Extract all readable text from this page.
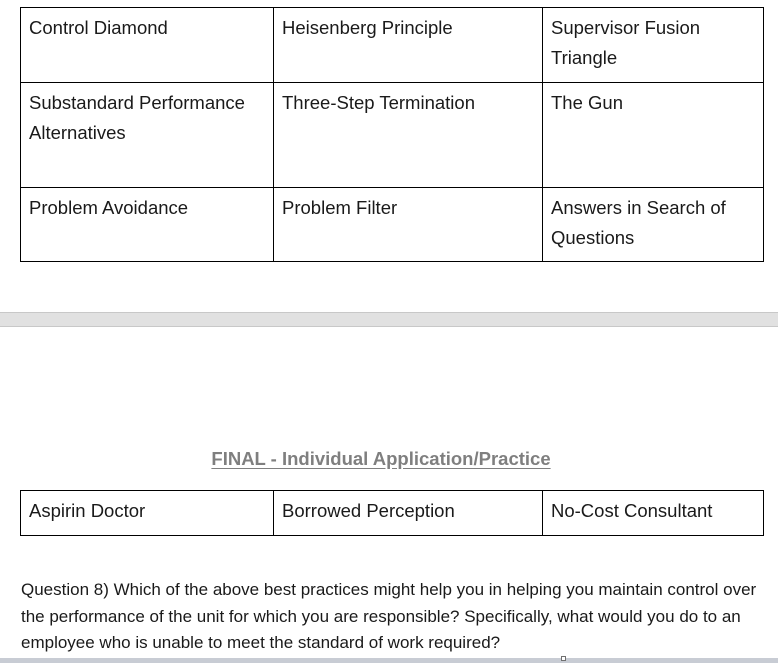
Control Diamond	Heisenberg Principle	Supervisor Fusion Triangle
Substandard Performance Alternatives	Three-Step Termination	The Gun
Problem Avoidance	Problem Filter	Answers in Search of Questions
FINAL - Individual Application/Practice
Aspirin Doctor	Borrowed Perception	No-Cost Consultant

Question 8) Which of the above best practices might help you in helping you maintain control over the performance of the unit for which you are responsible? Specifically, what would you do to an employee who is unable to meet the standard of work required?
